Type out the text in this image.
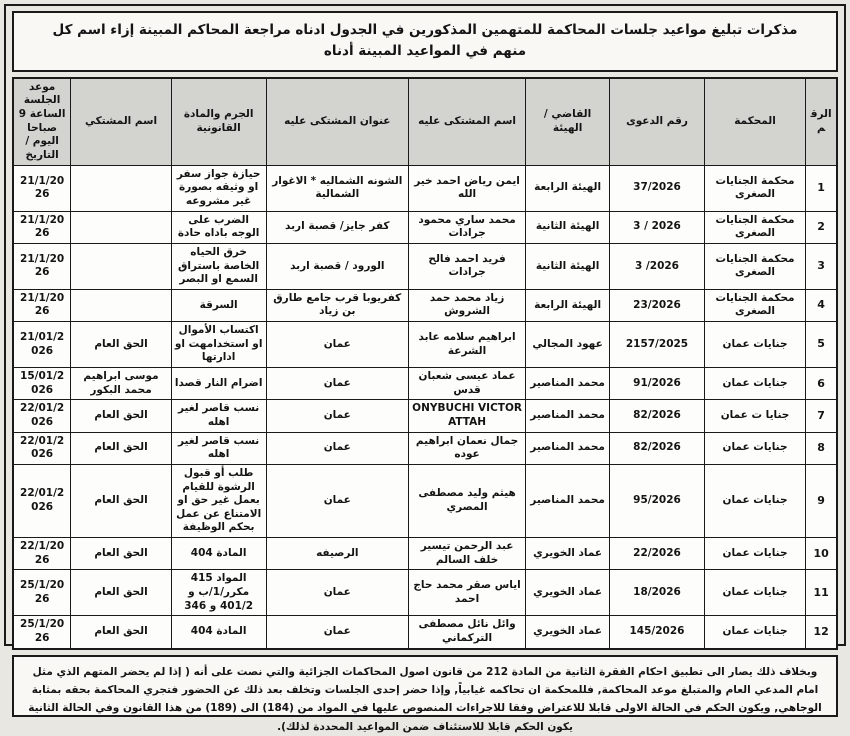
مذكرات تبليغ مواعيد جلسات المحاكمة للمتهمين المذكورين في الجدول ادناه مراجعة المحاكم المبينة إزاء اسم كل منهم في المواعيد المبينة أدناه
الرقم	المحكمة	رقم الدعوى	القاضي / الهيئة	اسم المشتكى عليه	عنوان المشتكى عليه	الجرم والمادة القانونية	اسم المشتكي	موعد الجلسة الساعة 9 صباحا اليوم / التاريخ
1	محكمة الجنايات الصغرى	37/2026	الهيئة الرابعة	ايمن رياض احمد خير الله	الشونه الشماليه * الاغوار الشمالية	حيازة جواز سفر او وثيقه بصورة غير مشروعه		21/1/2026
2	محكمة الجنايات الصغرى	2026 / 3	الهيئة الثانية	محمد ساري محمود جرادات	كفر جايز/ قصبة اربد	الضرب على الوجه باداه حادة		21/1/2026
3	محكمة الجنايات الصغرى	2026/ 3	الهيئة الثانية	فريد احمد فالح جرادات	الورود / قصبة اربد	خرق الحياه الخاصة باستراق السمع او البصر		21/1/2026
4	محكمة الجنايات الصغرى	23/2026	الهيئة الرابعة	زياد محمد حمد الشروش	كفريوبا قرب جامع طارق بن زياد	السرقة		21/1/2026
5	جنايات عمان	2157/2025	عهود المجالي	ابراهيم سلامه عابد الشرعة	عمان	اكتساب الأموال او استخدامهت او ادارتها	الحق العام	21/01/2026
6	جنايات عمان	91/2026	محمد المناصير	عماد عيسى شعبان قدس	عمان	اضرام النار قصدا	موسى ابراهيم محمد البكور	15/01/2026
7	جنايا ت عمان	82/2026	محمد المناصير	ONYBUCHI VICTOR ATTAH	عمان	نسب قاصر لغير اهله	الحق العام	22/01/2026
8	جنايات عمان	82/2026	محمد المناصير	جمال نعمان ابراهيم عوده	عمان	نسب قاصر لغير اهله	الحق العام	22/01/2026
9	جنايات عمان	95/2026	محمد المناصير	هيثم وليد مصطفى المصري	عمان	طلب أو قبول الرشوة للقيام بعمل غير حق او الامتناع عن عمل بحكم الوظيفة	الحق العام	22/01/2026
10	جنايات عمان	22/2026	عماد الخويري	عبد الرحمن تيسير خلف السالم	الرصيفه	المادة 404	الحق العام	22/1/2026
11	جنايات عمان	18/2026	عماد الخويري	اياس صقر محمد حاج احمد	عمان	المواد 415 مكرر/1/ب و 401/2 و 346	الحق العام	25/1/2026
12	جنايات عمان	145/2026	عماد الخويري	وائل نائل مصطفى التركماني	عمان	المادة 404	الحق العام	25/1/2026
وبخلاف ذلك يصار الى تطبيق احكام الفقرة الثانية من المادة 212 من قانون اصول المحاكمات الجزائية والتي نصت على أنه ( إذا لم يحضر المتهم الذي مثل امام المدعي العام والمتبلغ موعد المحاكمة, فللمحكمة ان تحاكمه غيابياً, وإذا حضر إحدى الجلسات وتخلف بعد ذلك عن الحضور فتجري المحاكمة بحقه بمثابة الوجاهي, ويكون الحكم في الحالة الاولى قابلا للاعتراض وفقا للاجراءات المنصوص عليها في المواد من (184) الى (189) من هذا القانون وفي الحالة الثانية يكون الحكم قابلا للاستئناف ضمن المواعيد المحددة لذلك).
